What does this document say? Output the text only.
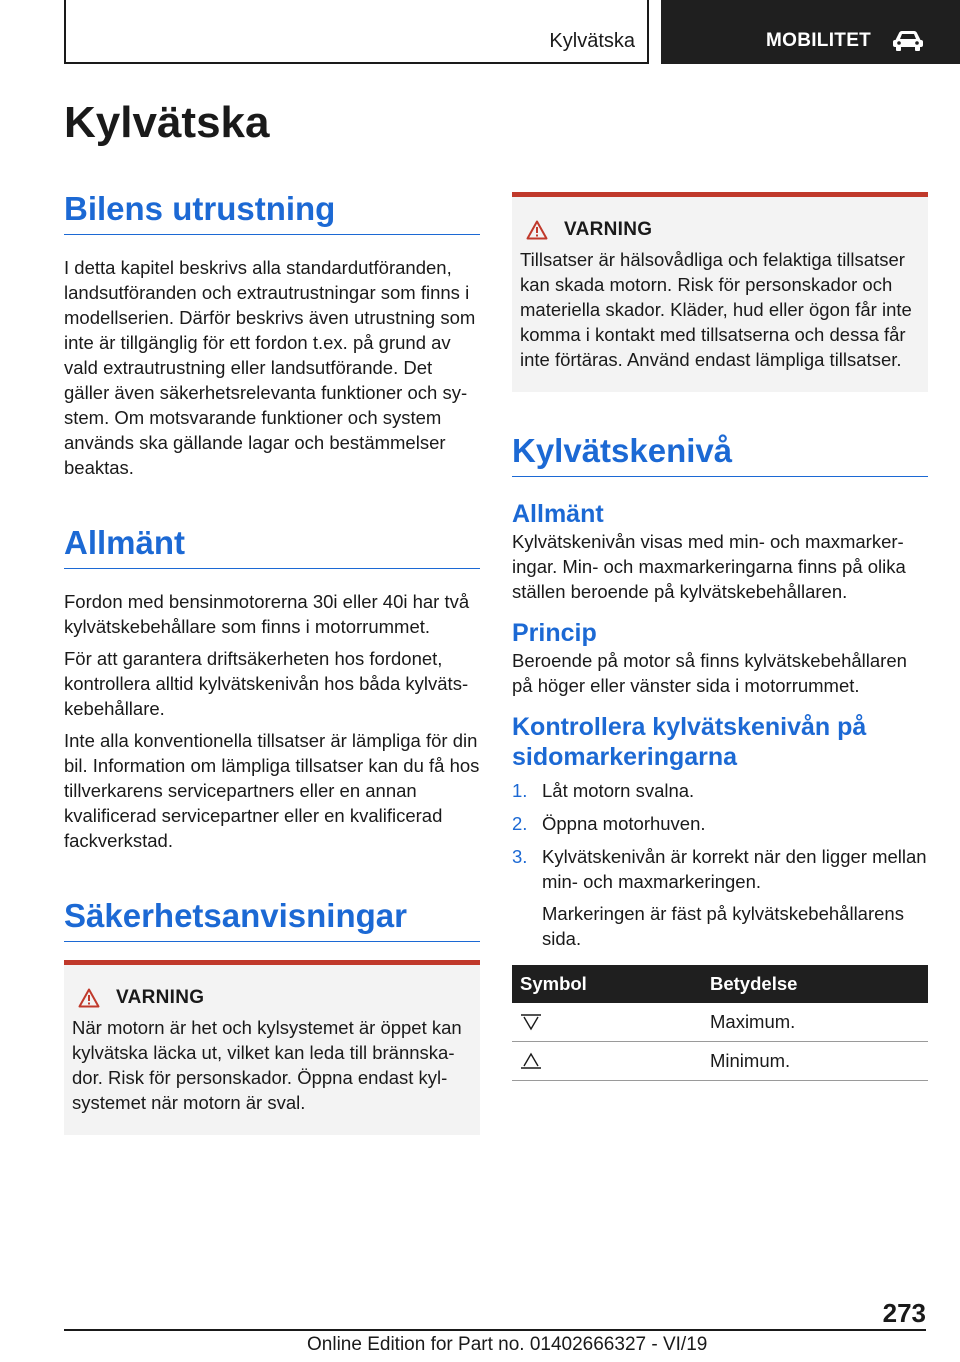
Kylvätska	MOBILITET
Kylvätska
Bilens utrustning

I detta kapitel beskrivs alla standardutföranden, landsutföranden och extrautrustningar som finns i modellserien. Därför beskrivs även utrustning som inte är tillgänglig för ett fordon t.ex. på grund av vald extrautrustning eller landsutförande. Det gäller även säkerhetsrelevanta funktioner och system. Om motsvarande funktioner och system används ska gällande lagar och bestämmelser beaktas.

Allmänt

Fordon med bensinmotorerna 30i eller 40i har två kylvätskebehållare som finns i motorrummet.

För att garantera driftsäkerheten hos fordonet, kontrollera alltid kylvätskenivån hos båda kylvätskebehållare.

Inte alla konventionella tillsatser är lämpliga för din bil. Information om lämpliga tillsatser kan du få hos tillverkarens servicepartners eller en annan kvalificerad servicepartner eller en kvalificerad fackverkstad.

Säkerhetsanvisningar
VARNING

När motorn är het och kylsystemet är öppet kan kylvätska läcka ut, vilket kan leda till brännskador. Risk för personskador. Öppna endast kylsystemet när motorn är sval.

VARNING

Tillsatser är hälsovådliga och felaktiga tillsatser kan skada motorn. Risk för personskador och materiella skador. Kläder, hud eller ögon får inte komma i kontakt med tillsatserna och dessa får inte förtäras. Använd endast lämpliga tillsatser.

Kylvätskenivå
Allmänt

Kylvätskenivån visas med min- och maxmarkeringar. Min- och maxmarkeringarna finns på olika ställen beroende på kylvätskebehållaren.

Princip

Beroende på motor så finns kylvätskebehållaren på höger eller vänster sida i motorrummet.

Kontrollera kylvätskenivån på sidomarkeringarna
1. Låt motorn svalna.
2. Öppna motorhuven.
3. Kylvätskenivån är korrekt när den ligger mellan min- och maxmarkeringen.
Markeringen är fäst på kylvätskebehållarens sida.
Symbol	Betydelse

	Maximum.

	Minimum.
273
Online Edition for Part no. 01402666327 - VI/19
